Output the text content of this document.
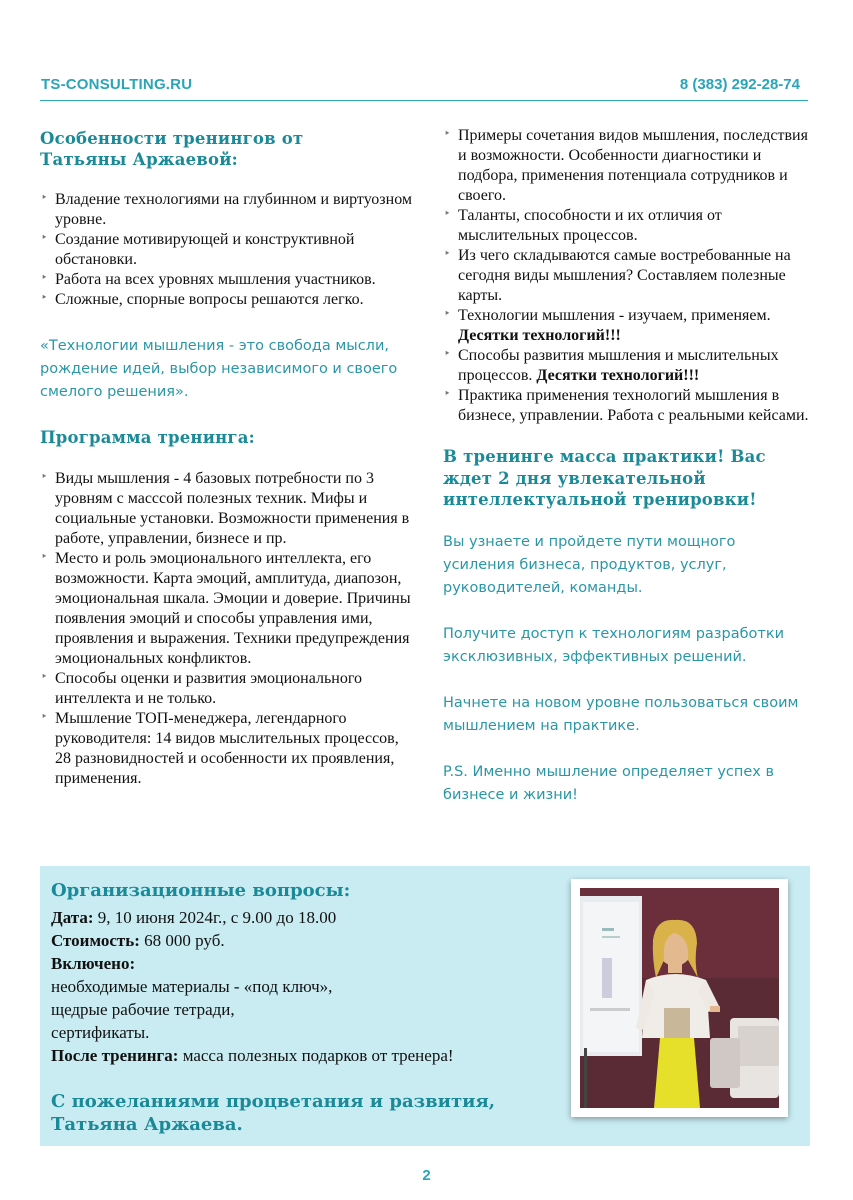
TS-CONSULTING.RU	8 (383) 292-28-74
Особенности тренингов от Татьяны Аржаевой:
‣ Владение технологиями на глубинном и виртуозном уровне.
‣ Создание мотивирующей и конструктивной обстановки.
‣ Работа на всех уровнях мышления участников.
‣ Сложные, спорные вопросы решаются легко.

«Технологии мышления - это свобода мысли, рождение идей, выбор независимого и своего смелого решения».

Программа тренинга:
‣ Виды мышления - 4 базовых потребности по 3 уровням с масссой полезных техник. Мифы и социальные установки. Возможности применения в работе, управлении, бизнесе и пр.
‣ Место и роль эмоционального интеллекта, его возможности. Карта эмоций, амплитуда, диапозон, эмоциональная шкала. Эмоции и доверие. Причины появления эмоций и способы управления ими, проявления и выражения. Техники предупреждения эмоциональных конфликтов.
‣ Способы оценки и развития эмоционального интеллекта и не только.
‣ Мышление ТОП-менеджера, легендарного руководителя: 14 видов мыслительных процессов, 28 разновидностей и особенности их проявления, применения.
‣ Примеры сочетания видов мышления, последствия и возможности. Особенности диагностики и подбора, применения потенциала сотрудников и своего.
‣ Таланты, способности и их отличия от мыслительных процессов.
‣ Из чего складываются самые востребованные на сегодня виды мышления? Составляем полезные карты.
‣ Технологии мышления - изучаем, применяем. Десятки технологий!!!
‣ Способы развития мышления и мыслительных процессов. Десятки технологий!!!
‣ Практика применения технологий мышления в бизнесе, управлении. Работа с реальными кейсами.
В тренинге масса практики! Вас ждет 2 дня увлекательной интеллектуальной тренировки!

Вы узнаете и пройдете пути мощного усиления бизнеса, продуктов, услуг, руководителей, команды.

Получите доступ к технологиям разработки эксклюзивных, эффективных решений.

Начнете на новом уровне пользоваться своим мышлением на практике.

P.S. Именно мышление определяет успех в бизнесе и жизни!

Организационные вопросы:
Дата: 9, 10 июня 2024г., с 9.00 до 18.00
Стоимость: 68 000 руб.
Включено:
необходимые материалы - «под ключ»,
щедрые рабочие тетради,
сертификаты.
После тренинга: масса полезных подарков от тренера!
С пожеланиями процветания и развития, Татьяна Аржаева.
2
